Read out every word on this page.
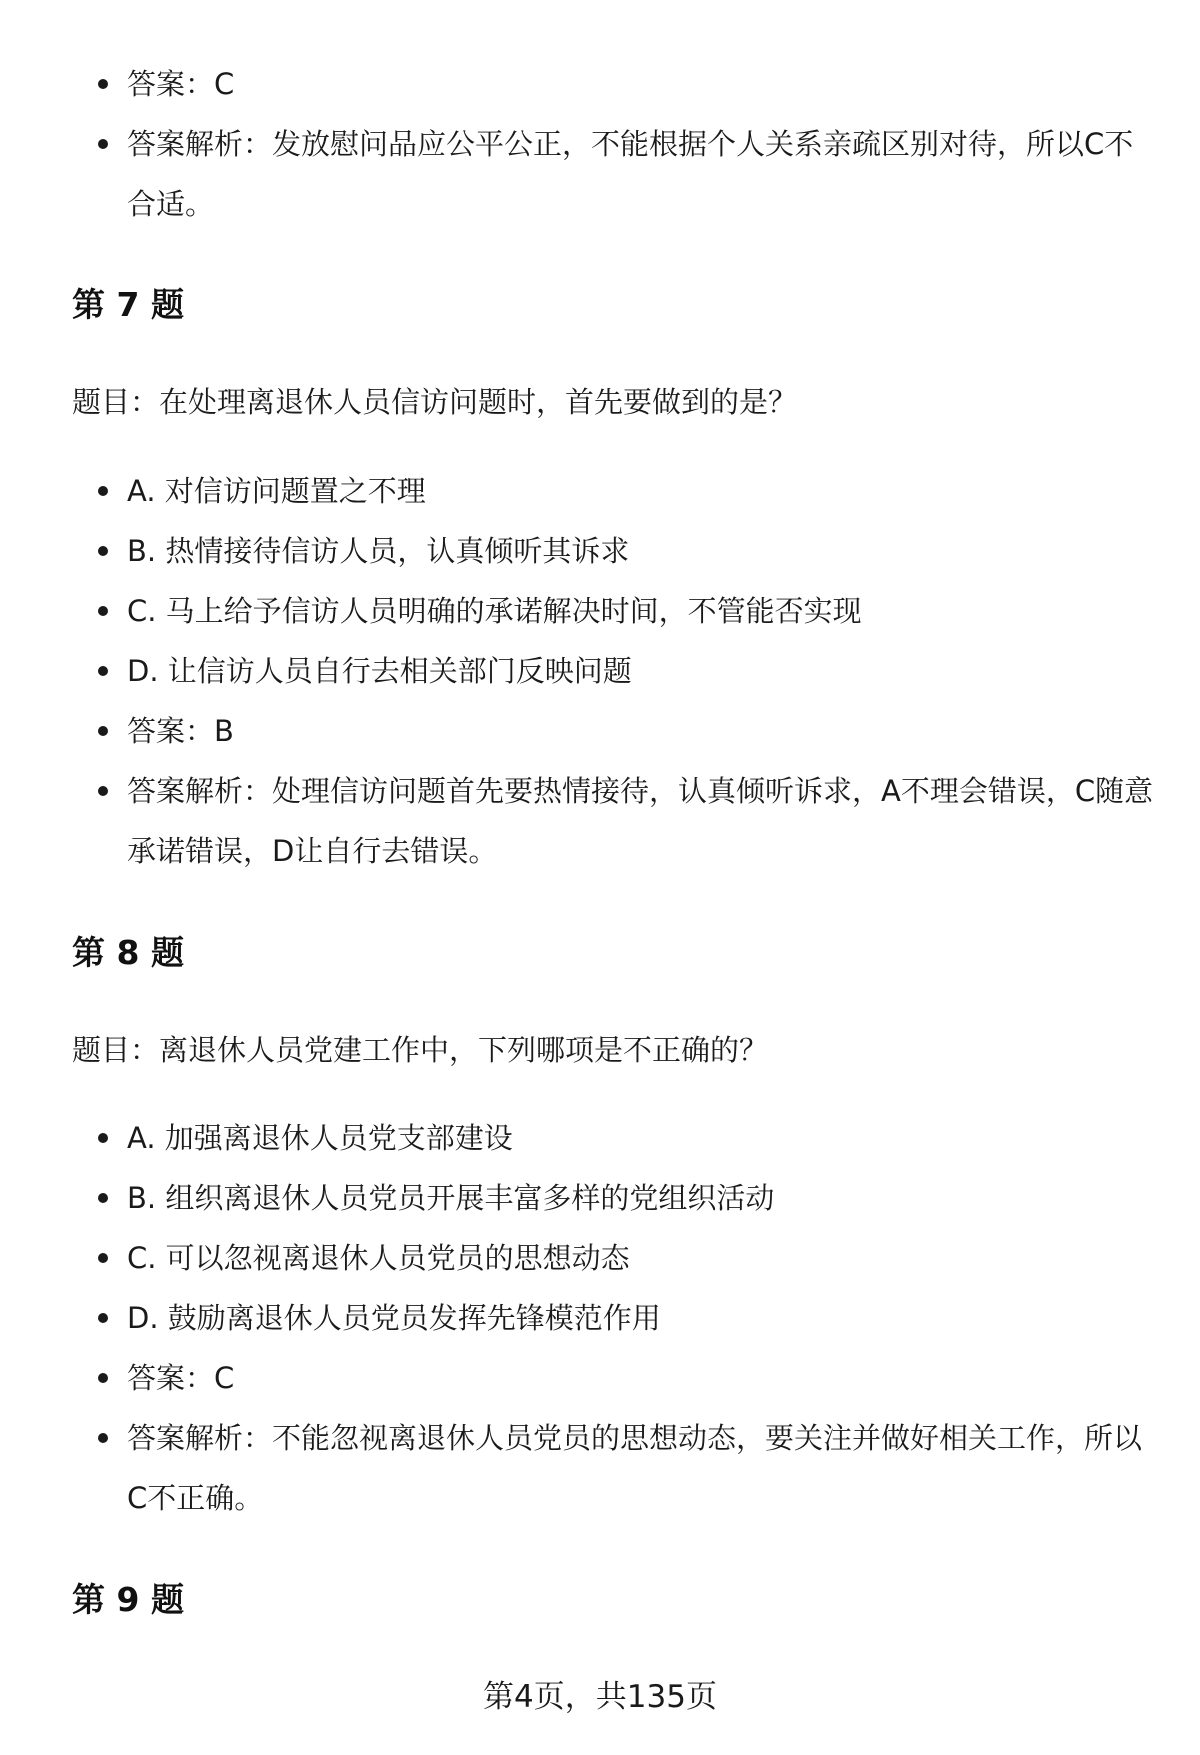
答案：C
答案解析：发放慰问品应公平公正，不能根据个人关系亲疏区别对待，所以C不合适。
第 7 题
题目：在处理离退休人员信访问题时，首先要做到的是？
A. 对信访问题置之不理
B. 热情接待信访人员，认真倾听其诉求
C. 马上给予信访人员明确的承诺解决时间，不管能否实现
D. 让信访人员自行去相关部门反映问题
答案：B
答案解析：处理信访问题首先要热情接待，认真倾听诉求，A不理会错误，C随意承诺错误，D让自行去错误。
第 8 题
题目：离退休人员党建工作中，下列哪项是不正确的？
A. 加强离退休人员党支部建设
B. 组织离退休人员党员开展丰富多样的党组织活动
C. 可以忽视离退休人员党员的思想动态
D. 鼓励离退休人员党员发挥先锋模范作用
答案：C
答案解析：不能忽视离退休人员党员的思想动态，要关注并做好相关工作，所以C不正确。
第 9 题
第4页，共135页
